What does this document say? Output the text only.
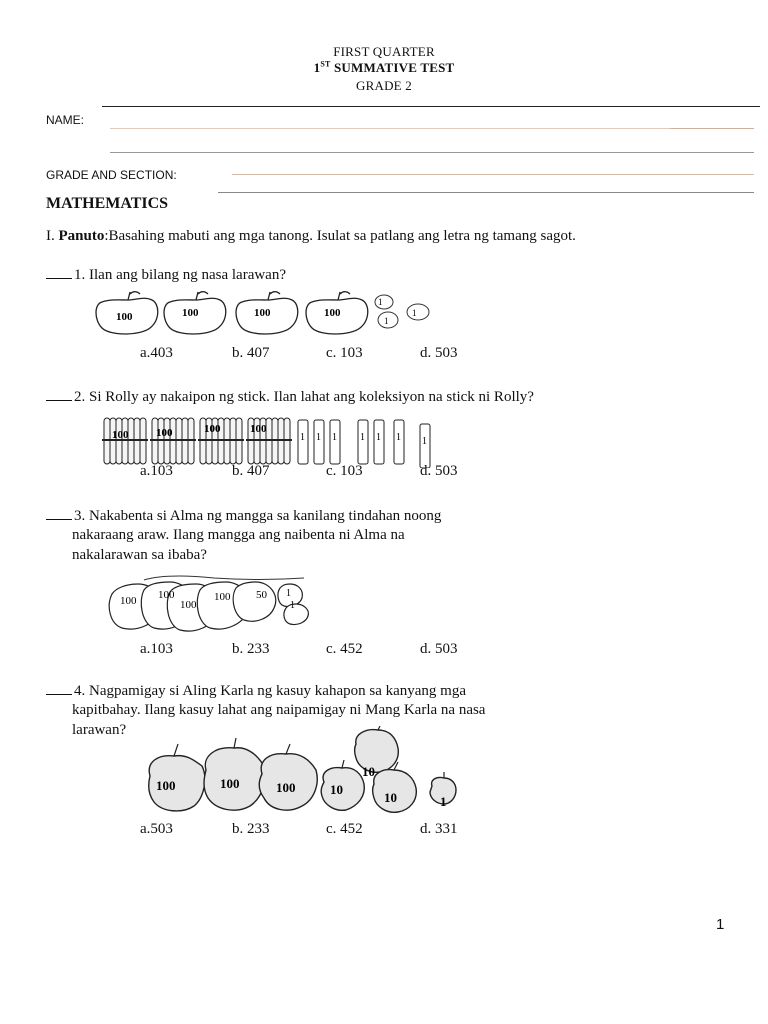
FIRST QUARTER
1ST SUMMATIVE TEST
GRADE 2
NAME:
GRADE AND SECTION:
MATHEMATICS
I. Panuto:Basahing mabuti ang mga tanong. Isulat sa patlang ang letra ng tamang sagot.
1. Ilan ang bilang ng nasa larawan?
100	100	100	100
1
1
1
a.403	b. 407	c. 103	d. 503
2. Si Rolly ay nakaipon ng stick. Ilan lahat ang koleksiyon na stick ni Rolly?
100	100	100	100
1 1 1 1 1 1 1
a.103	b. 407	c. 103	d. 503
3. Nakabenta si Alma ng mangga sa kanilang tindahan noong
nakaraang araw. Ilang mangga ang naibenta ni Alma na
nakalarawan sa ibaba?
100 100
100
100 50 1
1
a.103	b. 233	c. 452	d. 503
4. Nagpamigay si Aling Karla ng kasuy kahapon sa kanyang mga
kapitbahay. Ilang kasuy lahat ang naipamigay ni Mang Karla na nasa
larawan?
100	100	100	10
10
10	1
a.503	b. 233	c. 452	d. 331
1
